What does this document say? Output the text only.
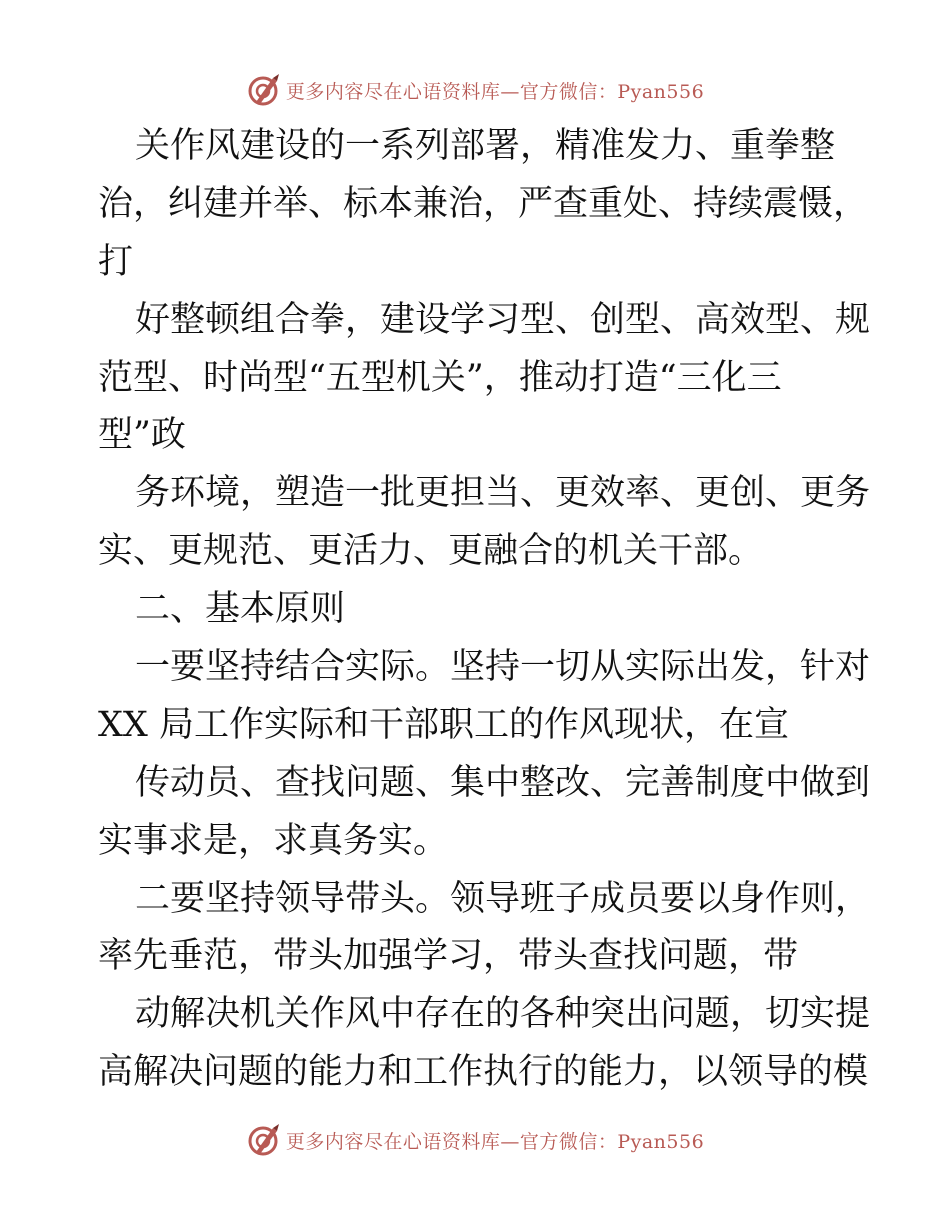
更多内容尽在心语资料库—官方微信：Pyan556
关作风建设的一系列部署，精准发力、重拳整
治，纠建并举、标本兼治，严查重处、持续震慑，
打
好整顿组合拳，建设学习型、创型、高效型、规
范型、时尚型“五型机关”，推动打造“三化三
型”政
务环境，塑造一批更担当、更效率、更创、更务
实、更规范、更活力、更融合的机关干部。
二、基本原则
一要坚持结合实际。坚持一切从实际出发，针对
XX 局工作实际和干部职工的作风现状，在宣
传动员、查找问题、集中整改、完善制度中做到
实事求是，求真务实。
二要坚持领导带头。领导班子成员要以身作则，
率先垂范，带头加强学习，带头查找问题，带
动解决机关作风中存在的各种突出问题，切实提
高解决问题的能力和工作执行的能力，以领导的模
更多内容尽在心语资料库—官方微信：Pyan556
